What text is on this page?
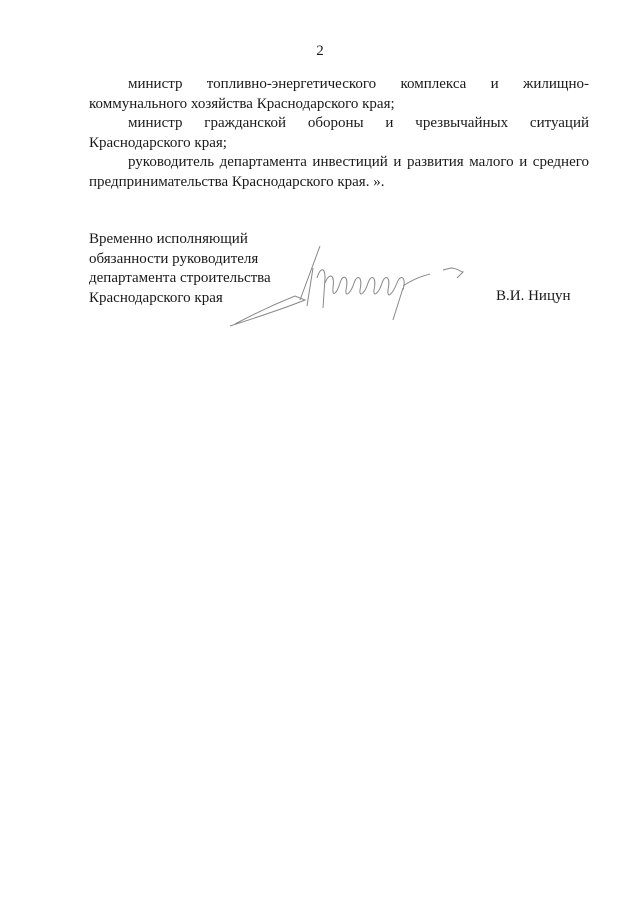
2

министр топливно-энергетического комплекса и жилищно-
коммунального хозяйства Краснодарского края;

министр гражданской обороны и чрезвычайных ситуаций
Краснодарского края;

руководитель департамента инвестиций и развития малого и среднего
предпринимательства Краснодарского края. ».

Временно исполняющий
обязанности руководителя
департамента строительства
Краснодарского края	В.И. Ницун
